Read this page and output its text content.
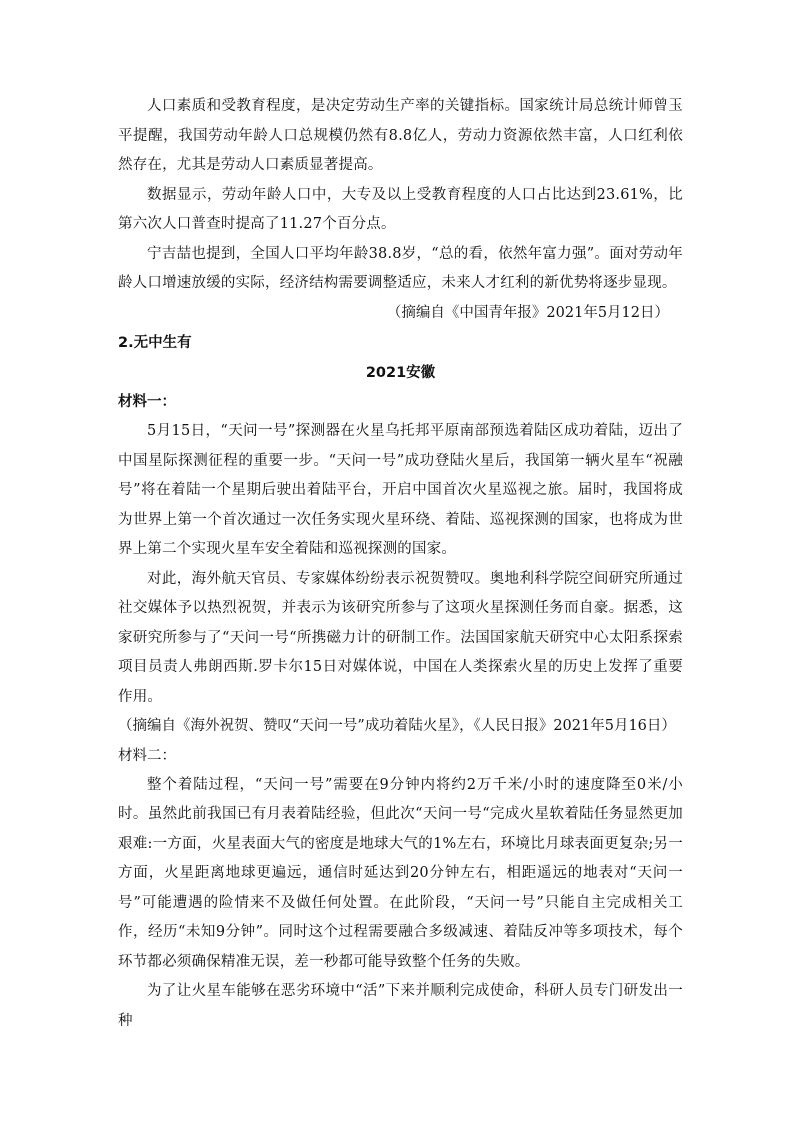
人口素质和受教育程度，是决定劳动生产率的关键指标。国家统计局总统计师曾玉平提醒，我国劳动年龄人口总规模仍然有8.8亿人，劳动力资源依然丰富，人口红利依然存在，尤其是劳动人口素质显著提高。

数据显示，劳动年龄人口中，大专及以上受教育程度的人口占比达到23.61%，比第六次人口普查时提高了11.27个百分点。

宁吉喆也提到，全国人口平均年龄38.8岁，“总的看，依然年富力强”。面对劳动年龄人口增速放缓的实际，经济结构需要调整适应，未来人才红利的新优势将逐步显现。

（摘编自《中国青年报》2021年5月12日）

2.无中生有

2021安徽

材料一：

5月15日，“天问一号”探测器在火星乌托邦平原南部预选着陆区成功着陆，迈出了中国星际探测征程的重要一步。“天问一号”成功登陆火星后，我国第一辆火星车“祝融号”将在着陆一个星期后驶出着陆平台，开启中国首次火星巡视之旅。届时，我国将成为世界上第一个首次通过一次任务实现火星环绕、着陆、巡视探测的国家，也将成为世界上第二个实现火星车安全着陆和巡视探测的国家。

对此，海外航天官员、专家媒体纷纷表示祝贺赞叹。奥地利科学院空间研究所通过社交媒体予以热烈祝贺，并表示为该研究所参与了这项火星探测任务而自豪。据悉，这家研究所参与了“天问一号“所携磁力计的研制工作。法国国家航天研究中心太阳系探索项目员责人弗朗西斯.罗卡尔15日对媒体说，中国在人类探索火星的历史上发挥了重要作用。

（摘编自《海外祝贺、赞叹“天问一号”成功着陆火星》，《人民日报》2021年5月16日）

材料二：

整个着陆过程，“天问一号”需要在9分钟内将约2万千米/小时的速度降至0米/小时。虽然此前我国已有月表着陆经验，但此次“天问一号“完成火星软着陆任务显然更加艰难:一方面，火星表面大气的密度是地球大气的1%左右，环境比月球表面更复杂;另一方面，火星距离地球更遍远，通信时延达到20分钟左右，相距遥远的地表对“天问一号”可能遭遇的险情来不及做任何处置。在此阶段，“天问一号”只能自主完成相关工作，经历“未知9分钟”。同时这个过程需要融合多级减速、着陆反冲等多项技术，每个环节都必须确保精准无误，差一秒都可能导致整个任务的失败。

为了让火星车能够在恶劣环境中“活”下来并顺利完成使命，科研人员专门研发出一种
